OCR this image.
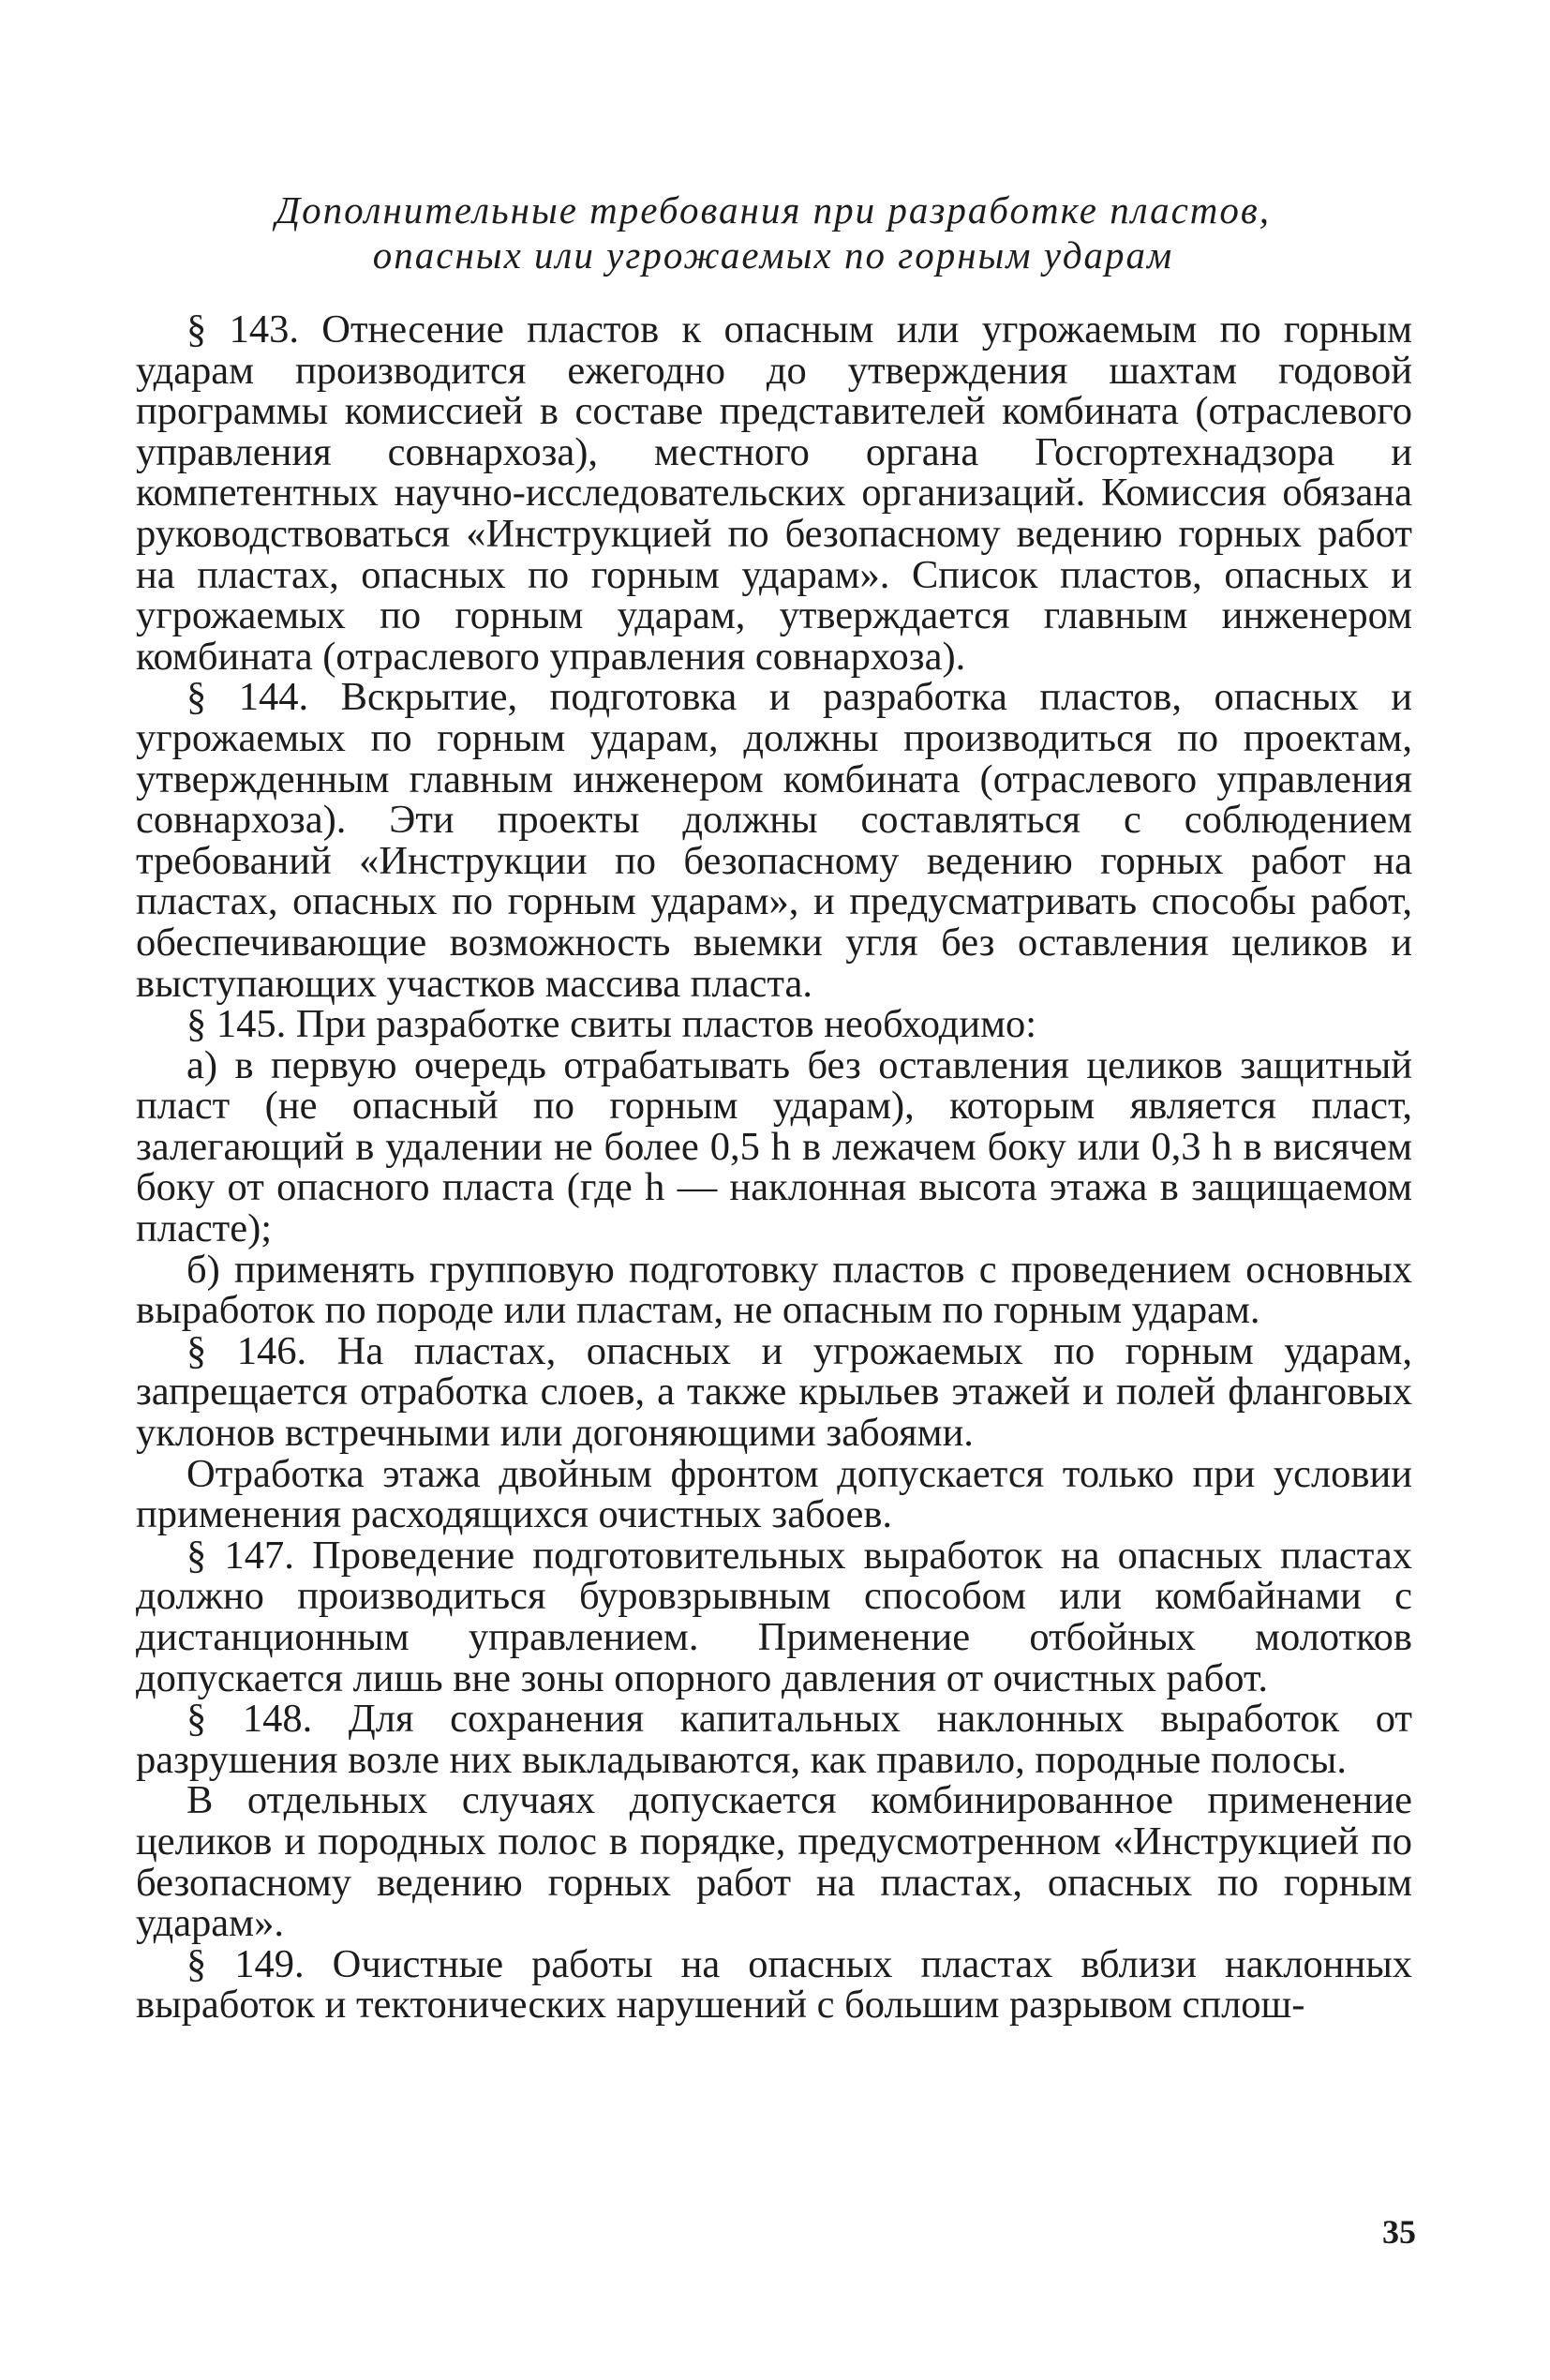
Дополнительные требования при разработке пластов,
опасных или угрожаемых по горным ударам

§ 143. Отнесение пластов к опасным или угрожаемым по горным ударам производится ежегодно до утверждения шахтам годовой программы комиссией в составе представителей комбината (отраслевого управления совнархоза), местного органа Госгортехнадзора и компетентных научно-исследовательских организаций. Комиссия обязана руководствоваться «Инструкцией по безопасному ведению горных работ на пластах, опасных по горным ударам». Список пластов, опасных и угрожаемых по горным ударам, утверждается главным инженером комбината (отраслевого управления совнархоза).

§ 144. Вскрытие, подготовка и разработка пластов, опасных и угрожаемых по горным ударам, должны производиться по проектам, утвержденным главным инженером комбината (отраслевого управления совнархоза). Эти проекты должны составляться с соблюдением требований «Инструкции по безопасному ведению горных работ на пластах, опасных по горным ударам», и предусматривать способы работ, обеспечивающие возможность выемки угля без оставления целиков и выступающих участков массива пласта.

§ 145. При разработке свиты пластов необходимо:

а) в первую очередь отрабатывать без оставления целиков защитный пласт (не опасный по горным ударам), которым является пласт, залегающий в удалении не более 0,5 h в лежачем боку или 0,3 h в висячем боку от опасного пласта (где h — наклонная высота этажа в защищаемом пласте);

б) применять групповую подготовку пластов с проведением основных выработок по породе или пластам, не опасным по горным ударам.

§ 146. На пластах, опасных и угрожаемых по горным ударам, запрещается отработка слоев, а также крыльев этажей и полей фланговых уклонов встречными или догоняющими забоями.

Отработка этажа двойным фронтом допускается только при условии применения расходящихся очистных забоев.

§ 147. Проведение подготовительных выработок на опасных пластах должно производиться буровзрывным способом или комбайнами с дистанционным управлением. Применение отбойных молотков допускается лишь вне зоны опорного давления от очистных работ.

§ 148. Для сохранения капитальных наклонных выработок от разрушения возле них выкладываются, как правило, породные полосы.

В отдельных случаях допускается комбинированное применение целиков и породных полос в порядке, предусмотренном «Инструкцией по безопасному ведению горных работ на пластах, опасных по горным ударам».

§ 149. Очистные работы на опасных пластах вблизи наклонных выработок и тектонических нарушений с большим разрывом сплош-

35
